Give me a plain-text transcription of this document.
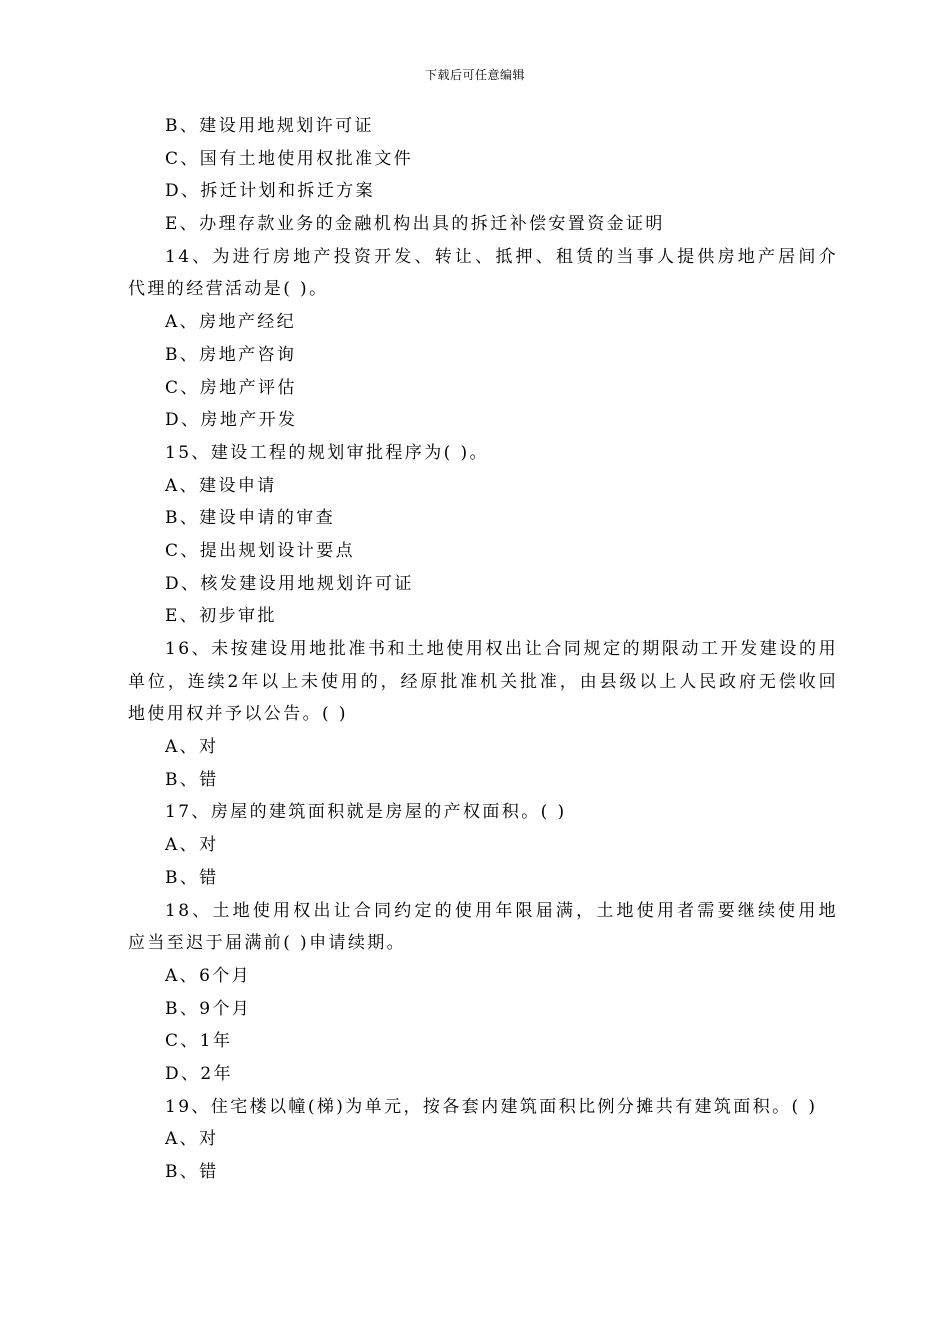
下载后可任意编辑
B、建设用地规划许可证
C、国有土地使用权批准文件
D、拆迁计划和拆迁方案
E、办理存款业务的金融机构出具的拆迁补偿安置资金证明
14、为进行房地产投资开发、转让、抵押、租赁的当事人提供房地产居间介
代理的经营活动是( )。
A、房地产经纪
B、房地产咨询
C、房地产评估
D、房地产开发
15、建设工程的规划审批程序为( )。
A、建设申请
B、建设申请的审查
C、提出规划设计要点
D、核发建设用地规划许可证
E、初步审批
16、未按建设用地批准书和土地使用权出让合同规定的期限动工开发建设的用
单位，连续2年以上未使用的，经原批准机关批准，由县级以上人民政府无偿收回
地使用权并予以公告。( )
A、对
B、错
17、房屋的建筑面积就是房屋的产权面积。( )
A、对
B、错
18、土地使用权出让合同约定的使用年限届满，土地使用者需要继续使用地
应当至迟于届满前( )申请续期。
A、6个月
B、9个月
C、1年
D、2年
19、住宅楼以幢(梯)为单元，按各套内建筑面积比例分摊共有建筑面积。( )
A、对
B、错
